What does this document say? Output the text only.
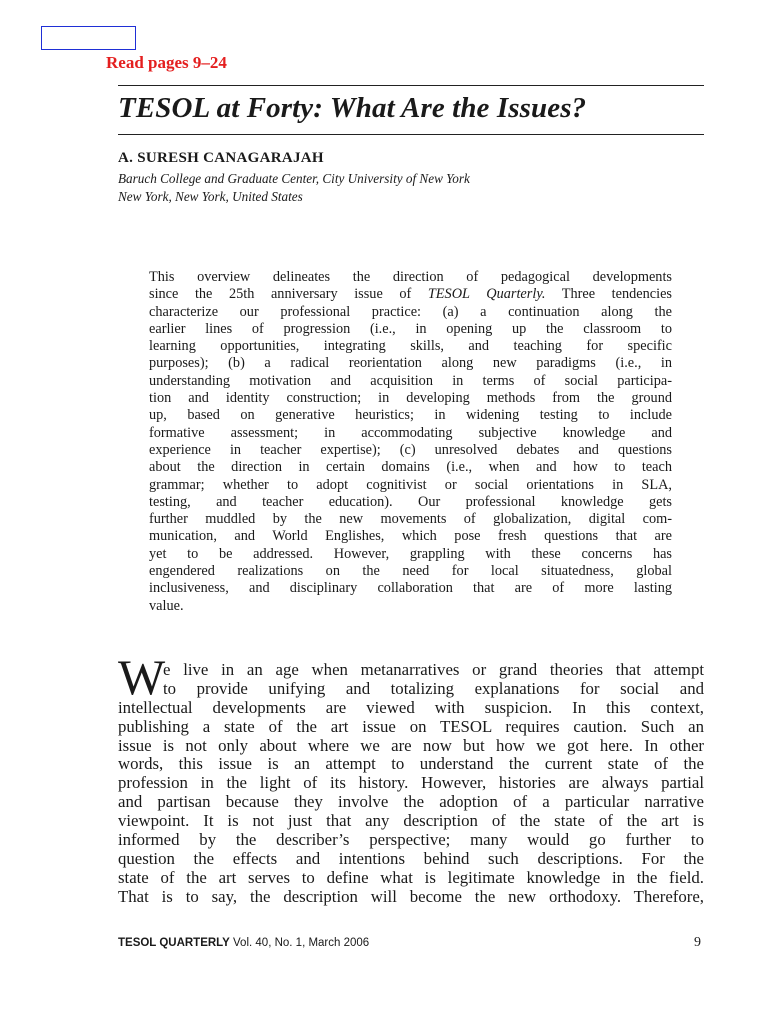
Read pages 9–24
TESOL at Forty: What Are the Issues?
A. SURESH CANAGARAJAH
Baruch College and Graduate Center, City University of New York
New York, New York, United States
This overview delineates the direction of pedagogical developments
since the 25th anniversary issue of TESOL Quarterly. Three tendencies
characterize our professional practice: (a) a continuation along the
earlier lines of progression (i.e., in opening up the classroom to
learning opportunities, integrating skills, and teaching for specific
purposes); (b) a radical reorientation along new paradigms (i.e., in
understanding motivation and acquisition in terms of social participa-
tion and identity construction; in developing methods from the ground
up, based on generative heuristics; in widening testing to include
formative assessment; in accommodating subjective knowledge and
experience in teacher expertise); (c) unresolved debates and questions
about the direction in certain domains (i.e., when and how to teach
grammar; whether to adopt cognitivist or social orientations in SLA,
testing, and teacher education). Our professional knowledge gets
further muddled by the new movements of globalization, digital com-
munication, and World Englishes, which pose fresh questions that are
yet to be addressed. However, grappling with these concerns has
engendered realizations on the need for local situatedness, global
inclusiveness, and disciplinary collaboration that are of more lasting
value.
W
e live in an age when metanarratives or grand theories that attempt
to provide unifying and totalizing explanations for social and
intellectual developments are viewed with suspicion. In this context,
publishing a state of the art issue on TESOL requires caution. Such an
issue is not only about where we are now but how we got here. In other
words, this issue is an attempt to understand the current state of the
profession in the light of its history. However, histories are always partial
and partisan because they involve the adoption of a particular narrative
viewpoint. It is not just that any description of the state of the art is
informed by the describer’s perspective; many would go further to
question the effects and intentions behind such descriptions. For the
state of the art serves to define what is legitimate knowledge in the field.
That is to say, the description will become the new orthodoxy. Therefore,
TESOL QUARTERLY Vol. 40, No. 1, March 2006	9
